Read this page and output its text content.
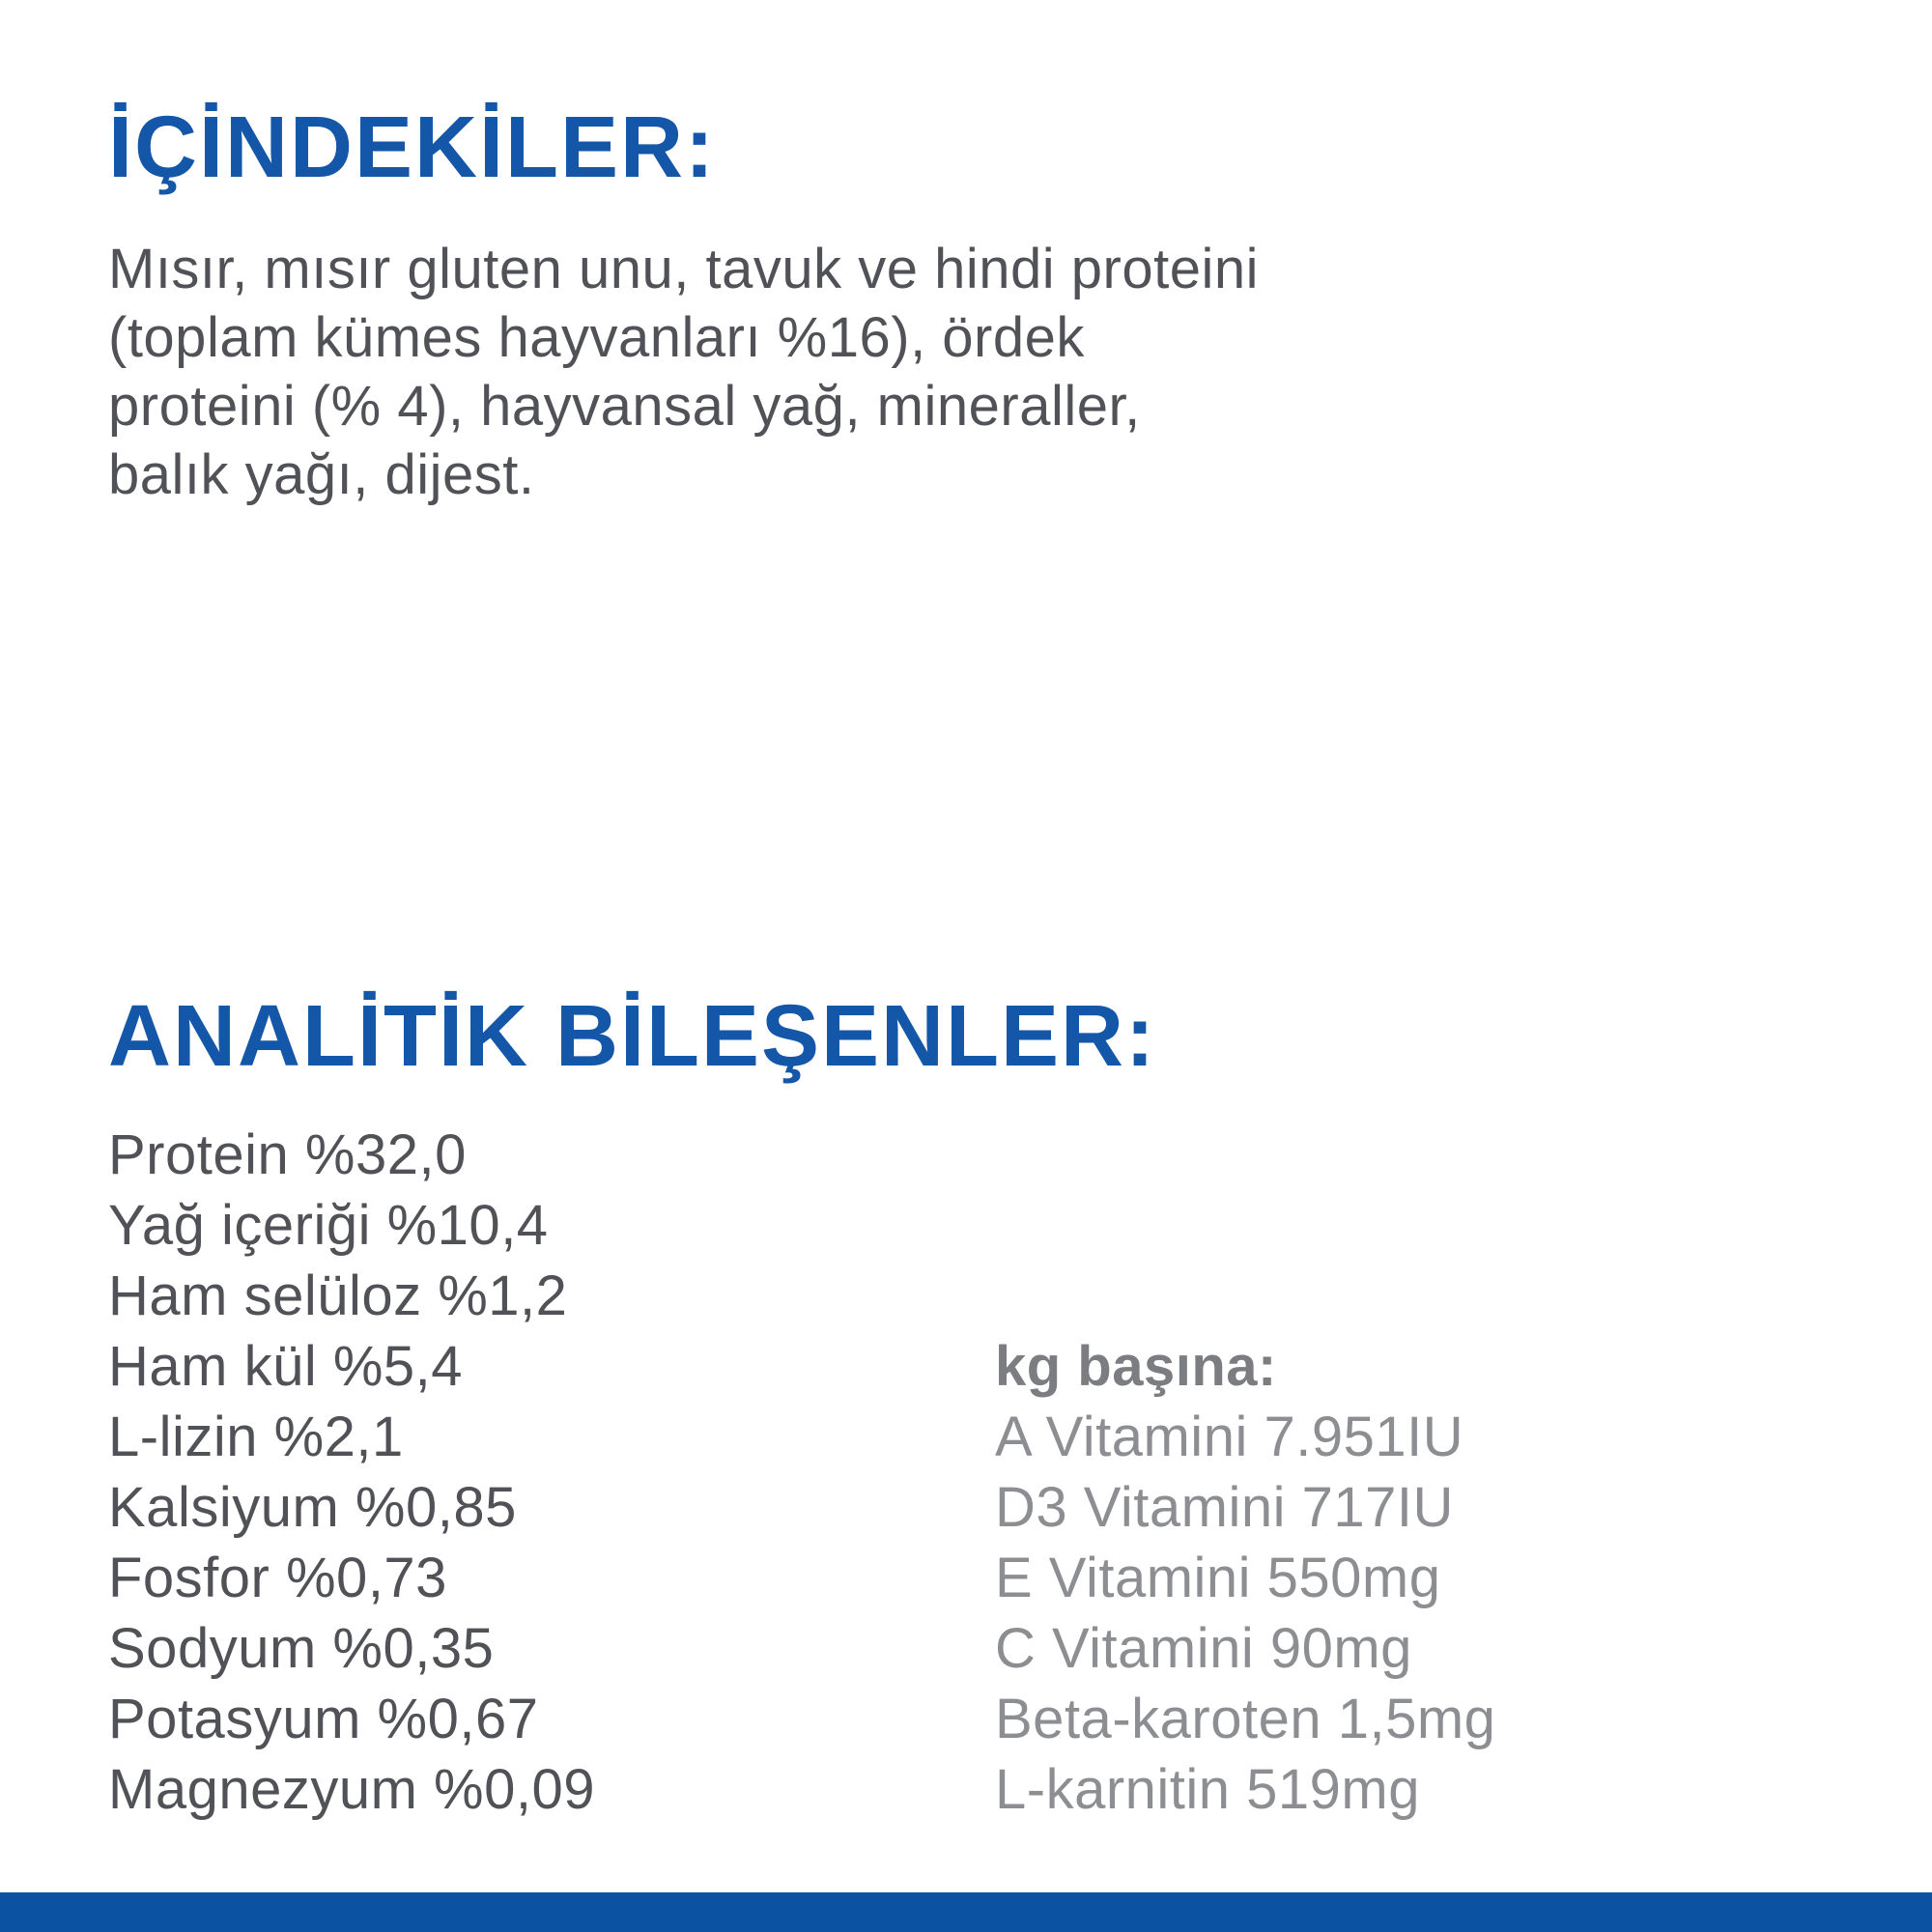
İÇİNDEKİLER:
Mısır, mısır gluten unu, tavuk ve hindi proteini
(toplam kümes hayvanları %16), ördek
proteini (% 4), hayvansal yağ, mineraller,
balık yağı, dijest.
ANALİTİK BİLEŞENLER:
Protein %32,0
Yağ içeriği %10,4
Ham selüloz %1,2
Ham kül %5,4
L-lizin %2,1
Kalsiyum %0,85
Fosfor %0,73
Sodyum %0,35
Potasyum %0,67
Magnezyum %0,09
kg başına:
A Vitamini 7.951IU
D3 Vitamini 717IU
E Vitamini 550mg
C Vitamini 90mg
Beta-karoten 1,5mg
L-karnitin 519mg
